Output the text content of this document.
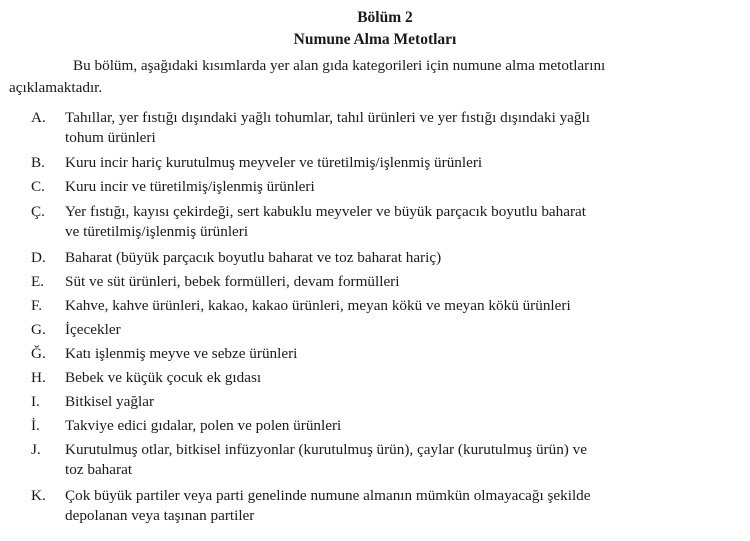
Bölüm 2
Numune Alma Metotları
Bu bölüm, aşağıdaki kısımlarda yer alan gıda kategorileri için numune alma metotlarını
açıklamaktadır.
A.	Tahıllar, yer fıstığı dışındaki yağlı tohumlar, tahıl ürünleri ve yer fıstığı dışındaki yağlı
tohum ürünleri
B.	Kuru incir hariç kurutulmuş meyveler ve türetilmiş/işlenmiş ürünleri
C.	Kuru incir ve türetilmiş/işlenmiş ürünleri
Ç.	Yer fıstığı, kayısı çekirdeği, sert kabuklu meyveler ve büyük parçacık boyutlu baharat
ve türetilmiş/işlenmiş ürünleri
D.	Baharat (büyük parçacık boyutlu baharat ve toz baharat hariç)
E.	Süt ve süt ürünleri, bebek formülleri, devam formülleri
F.	Kahve, kahve ürünleri, kakao, kakao ürünleri, meyan kökü ve meyan kökü ürünleri
G.	İçecekler
Ğ.	Katı işlenmiş meyve ve sebze ürünleri
H.	Bebek ve küçük çocuk ek gıdası
I.	Bitkisel yağlar
İ.	Takviye edici gıdalar, polen ve polen ürünleri
J.	Kurutulmuş otlar, bitkisel infüzyonlar (kurutulmuş ürün), çaylar (kurutulmuş ürün) ve
toz baharat
K.	Çok büyük partiler veya parti genelinde numune almanın mümkün olmayacağı şekilde
depolanan veya taşınan partiler
